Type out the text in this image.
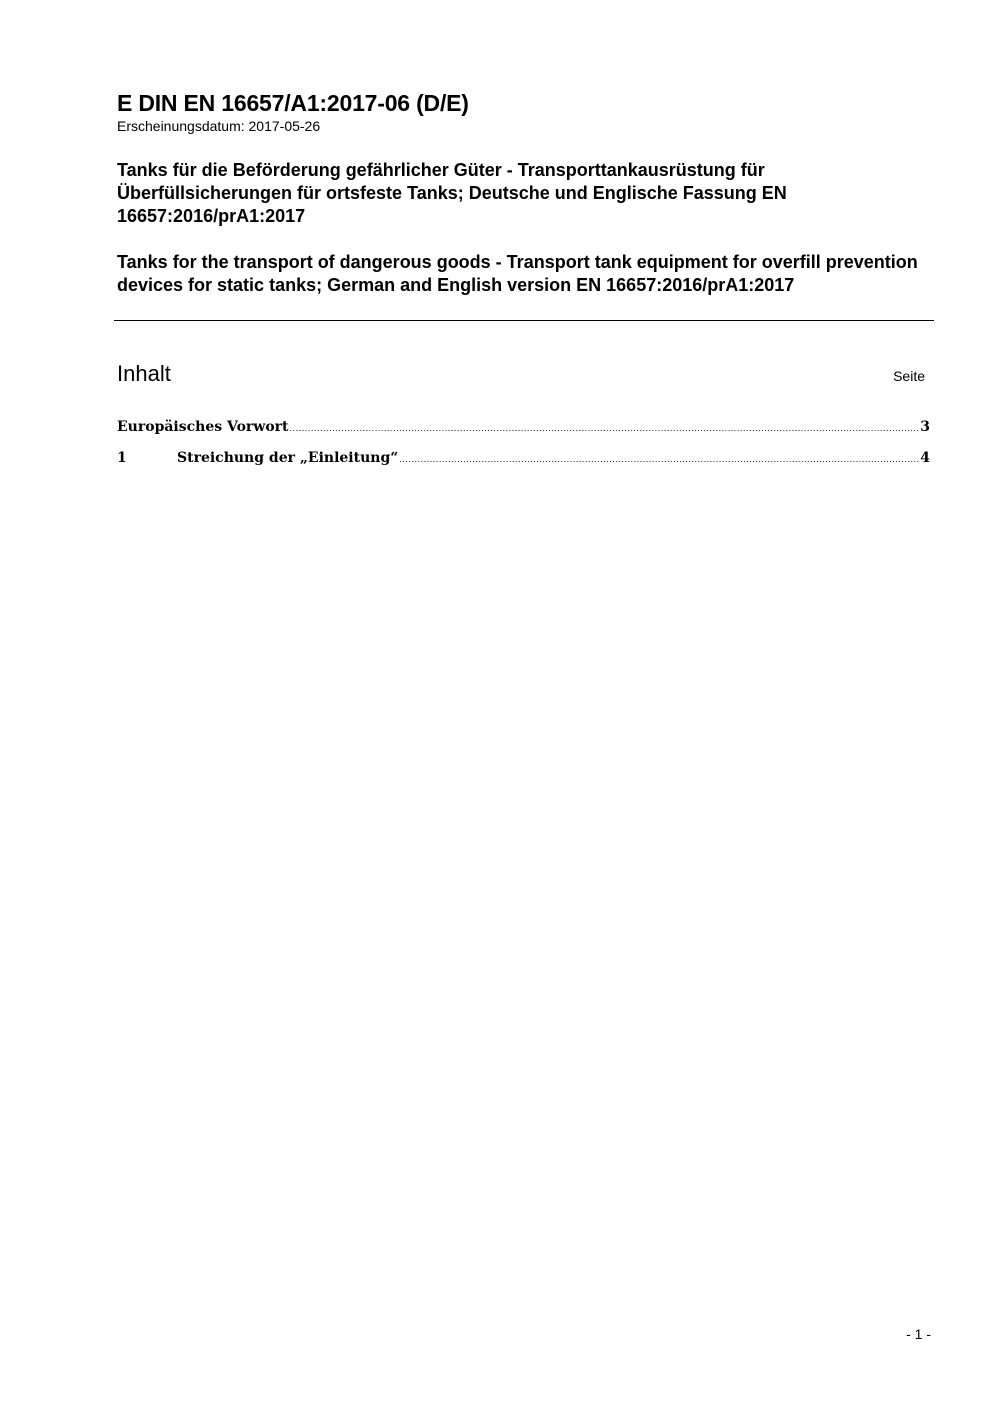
E DIN EN 16657/A1:2017-06 (D/E)

Erscheinungsdatum: 2017-05-26

Tanks für die Beförderung gefährlicher Güter - Transporttankausrüstung für Überfüllsicherungen für ortsfeste Tanks; Deutsche und Englische Fassung EN 16657:2016/prA1:2017

Tanks for the transport of dangerous goods - Transport tank equipment for overfill prevention devices for static tanks; German and English version EN 16657:2016/prA1:2017

Inhalt	Seite
Europäisches Vorwort .....	3
1	Streichung der „Einleitung“ .....	4
- 1 -
